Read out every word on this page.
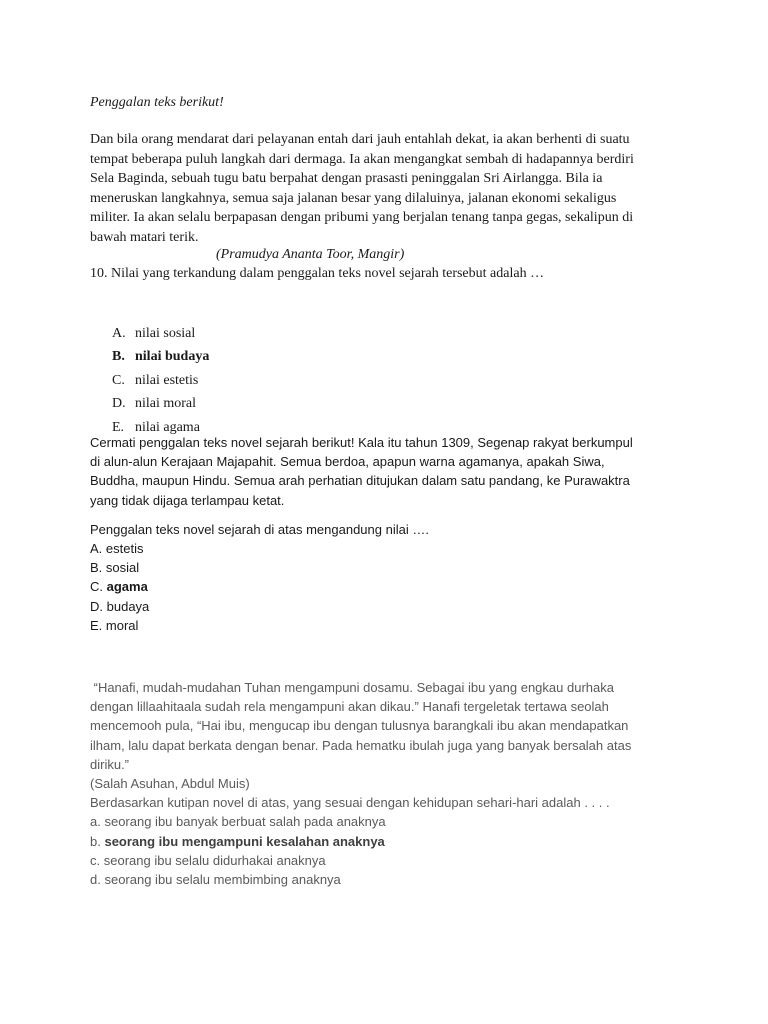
Penggalan teks berikut!
Dan bila orang mendarat dari pelayanan entah dari jauh entahlah dekat, ia akan berhenti di suatu
tempat beberapa puluh langkah dari dermaga. Ia akan mengangkat sembah di hadapannya berdiri
Sela Baginda, sebuah tugu batu berpahat dengan prasasti peninggalan Sri Airlangga. Bila ia
meneruskan langkahnya, semua saja jalanan besar yang dilaluinya, jalanan ekonomi sekaligus
militer. Ia akan selalu berpapasan dengan pribumi yang berjalan tenang tanpa gegas, sekalipun di
bawah matari terik.
(Pramudya Ananta Toor, Mangir)
10. Nilai yang terkandung dalam penggalan teks novel sejarah tersebut adalah …
A. nilai sosial
B. nilai budaya
C. nilai estetis
D. nilai moral
E. nilai agama
Cermati penggalan teks novel sejarah berikut! Kala itu tahun 1309, Segenap rakyat berkumpul
di alun-alun Kerajaan Majapahit. Semua berdoa, apapun warna agamanya, apakah Siwa,
Buddha, maupun Hindu. Semua arah perhatian ditujukan dalam satu pandang, ke Purawaktra
yang tidak dijaga terlampau ketat.
Penggalan teks novel sejarah di atas mengandung nilai ….
A. estetis
B. sosial
C. agama
D. budaya
E. moral
“Hanafi, mudah-mudahan Tuhan mengampuni dosamu. Sebagai ibu yang engkau durhaka
dengan lillaahitaala sudah rela mengampuni akan dikau.” Hanafi tergeletak tertawa seolah
mencemooh pula, “Hai ibu, mengucap ibu dengan tulusnya barangkali ibu akan mendapatkan
ilham, lalu dapat berkata dengan benar. Pada hematku ibulah juga yang banyak bersalah atas
diriku.”
(Salah Asuhan, Abdul Muis)
Berdasarkan kutipan novel di atas, yang sesuai dengan kehidupan sehari-hari adalah . . . .
a. seorang ibu banyak berbuat salah pada anaknya
b. seorang ibu mengampuni kesalahan anaknya
c. seorang ibu selalu didurhakai anaknya
d. seorang ibu selalu membimbing anaknya
